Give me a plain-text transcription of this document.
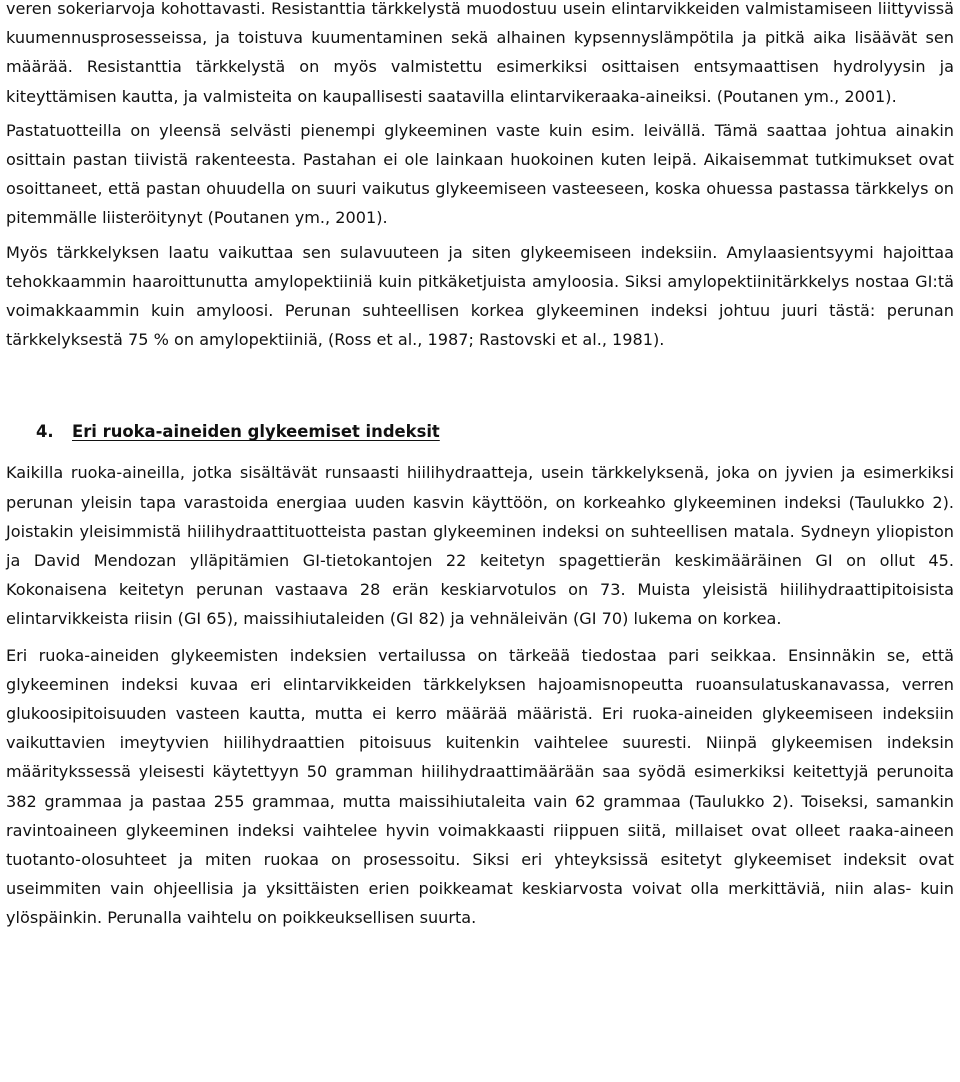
veren sokeriarvoja kohottavasti. Resistanttia tärkkelystä muodostuu usein elintarvikkeiden valmistamiseen liittyvissä kuumennusprosesseissa, ja toistuva kuumentaminen sekä alhainen kypsennyslämpötila ja pitkä aika lisäävät sen määrää. Resistanttia tärkkelystä on myös valmistettu esimerkiksi osittaisen entsymaattisen hydrolyysin ja kiteyttämisen kautta, ja valmisteita on kaupallisesti saatavilla elintarvikeraaka-aineiksi. (Poutanen ym., 2001).

Pastatuotteilla on yleensä selvästi pienempi glykeeminen vaste kuin esim. leivällä. Tämä saattaa johtua ainakin osittain pastan tiivistä rakenteesta. Pastahan ei ole lainkaan huokoinen kuten leipä. Aikaisemmat tutkimukset ovat osoittaneet, että pastan ohuudella on suuri vaikutus glykeemiseen vasteeseen, koska ohuessa pastassa tärkkelys on pitemmälle liisteröitynyt (Poutanen ym., 2001).

Myös tärkkelyksen laatu vaikuttaa sen sulavuuteen ja siten glykeemiseen indeksiin. Amylaasientsyymi hajoittaa tehokkaammin haaroittunutta amylopektiiniä kuin pitkäketjuista amyloosia. Siksi amylopektiinitärkkelys nostaa GI:tä voimakkaammin kuin amyloosi. Perunan suhteellisen korkea glykeeminen indeksi johtuu juuri tästä: perunan tärkkelyksestä 75 % on amylopektiiniä, (Ross et al., 1987; Rastovski et al., 1981).

4. Eri ruoka-aineiden glykeemiset indeksit

Kaikilla ruoka-aineilla, jotka sisältävät runsaasti hiilihydraatteja, usein tärkkelyksenä, joka on jyvien ja esimerkiksi perunan yleisin tapa varastoida energiaa uuden kasvin käyttöön, on korkeahko glykeeminen indeksi (Taulukko 2). Joistakin yleisimmistä hiilihydraattituotteista pastan glykeeminen indeksi on suhteellisen matala. Sydneyn yliopiston ja David Mendozan ylläpitämien GI-tietokantojen 22 keitetyn spagettierän keskimääräinen GI on ollut 45. Kokonaisena keitetyn perunan vastaava 28 erän keskiarvotulos on 73. Muista yleisistä hiilihydraattipitoisista elintarvikkeista riisin (GI 65), maissihiutaleiden (GI 82) ja vehnäleivän (GI 70) lukema on korkea.

Eri ruoka-aineiden glykeemisten indeksien vertailussa on tärkeää tiedostaa pari seikkaa. Ensinnäkin se, että glykeeminen indeksi kuvaa eri elintarvikkeiden tärkkelyksen hajoamisnopeutta ruoansulatuskanavassa, verren glukoosipitoisuuden vasteen kautta, mutta ei kerro määrää määristä. Eri ruoka-aineiden glykeemiseen indeksiin vaikuttavien imeytyvien hiilihydraattien pitoisuus kuitenkin vaihtelee suuresti. Niinpä glykeemisen indeksin määritykssessä yleisesti käytettyyn 50 gramman hiilihydraattimäärään saa syödä esimerkiksi keitettyjä perunoita 382 grammaa ja pastaa 255 grammaa, mutta maissihiutaleita vain 62 grammaa (Taulukko 2). Toiseksi, samankin ravintoaineen glykeeminen indeksi vaihtelee hyvin voimakkaasti riippuen siitä, millaiset ovat olleet raaka-aineen tuotanto-olosuhteet ja miten ruokaa on prosessoitu. Siksi eri yhteyksissä esitetyt glykeemiset indeksit ovat useimmiten vain ohjeellisia ja yksittäisten erien poikkeamat keskiarvosta voivat olla merkittäviä, niin alas- kuin ylöspäinkin. Perunalla vaihtelu on poikkeuksellisen suurta.
